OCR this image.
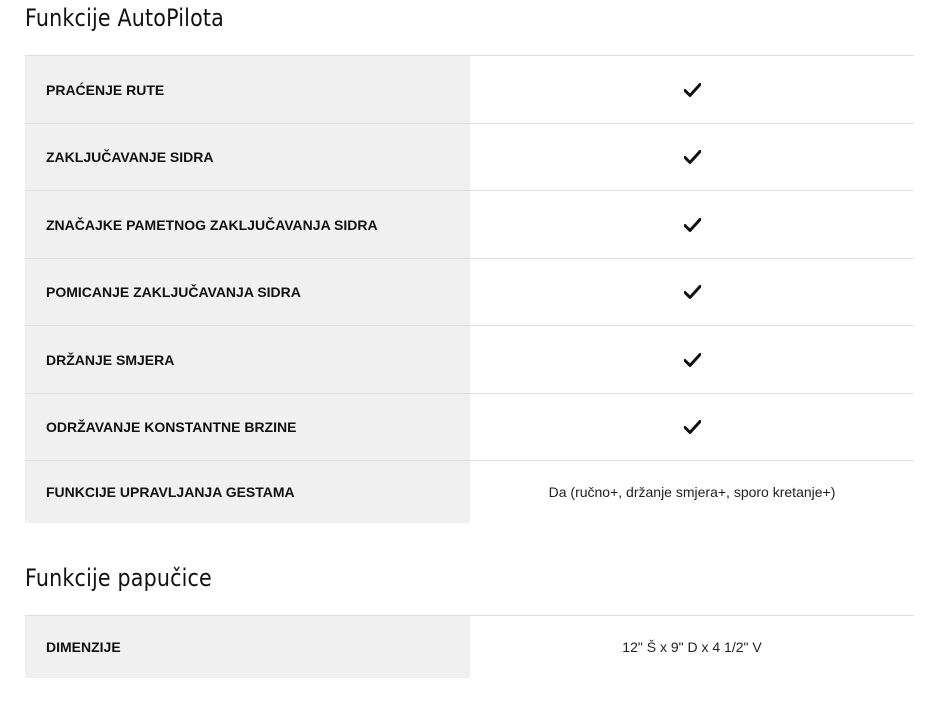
Funkcije AutoPilota
PRAĆENJE RUTE
ZAKLJUČAVANJE SIDRA
ZNAČAJKE PAMETNOG ZAKLJUČAVANJA SIDRA
POMICANJE ZAKLJUČAVANJA SIDRA
DRŽANJE SMJERA
ODRŽAVANJE KONSTANTNE BRZINE
FUNKCIJE UPRAVLJANJA GESTAMA	Da (ručno+, držanje smjera+, sporo kretanje+)
Funkcije papučice
DIMENZIJE	12" Š x 9" D x 4 1/2" V
